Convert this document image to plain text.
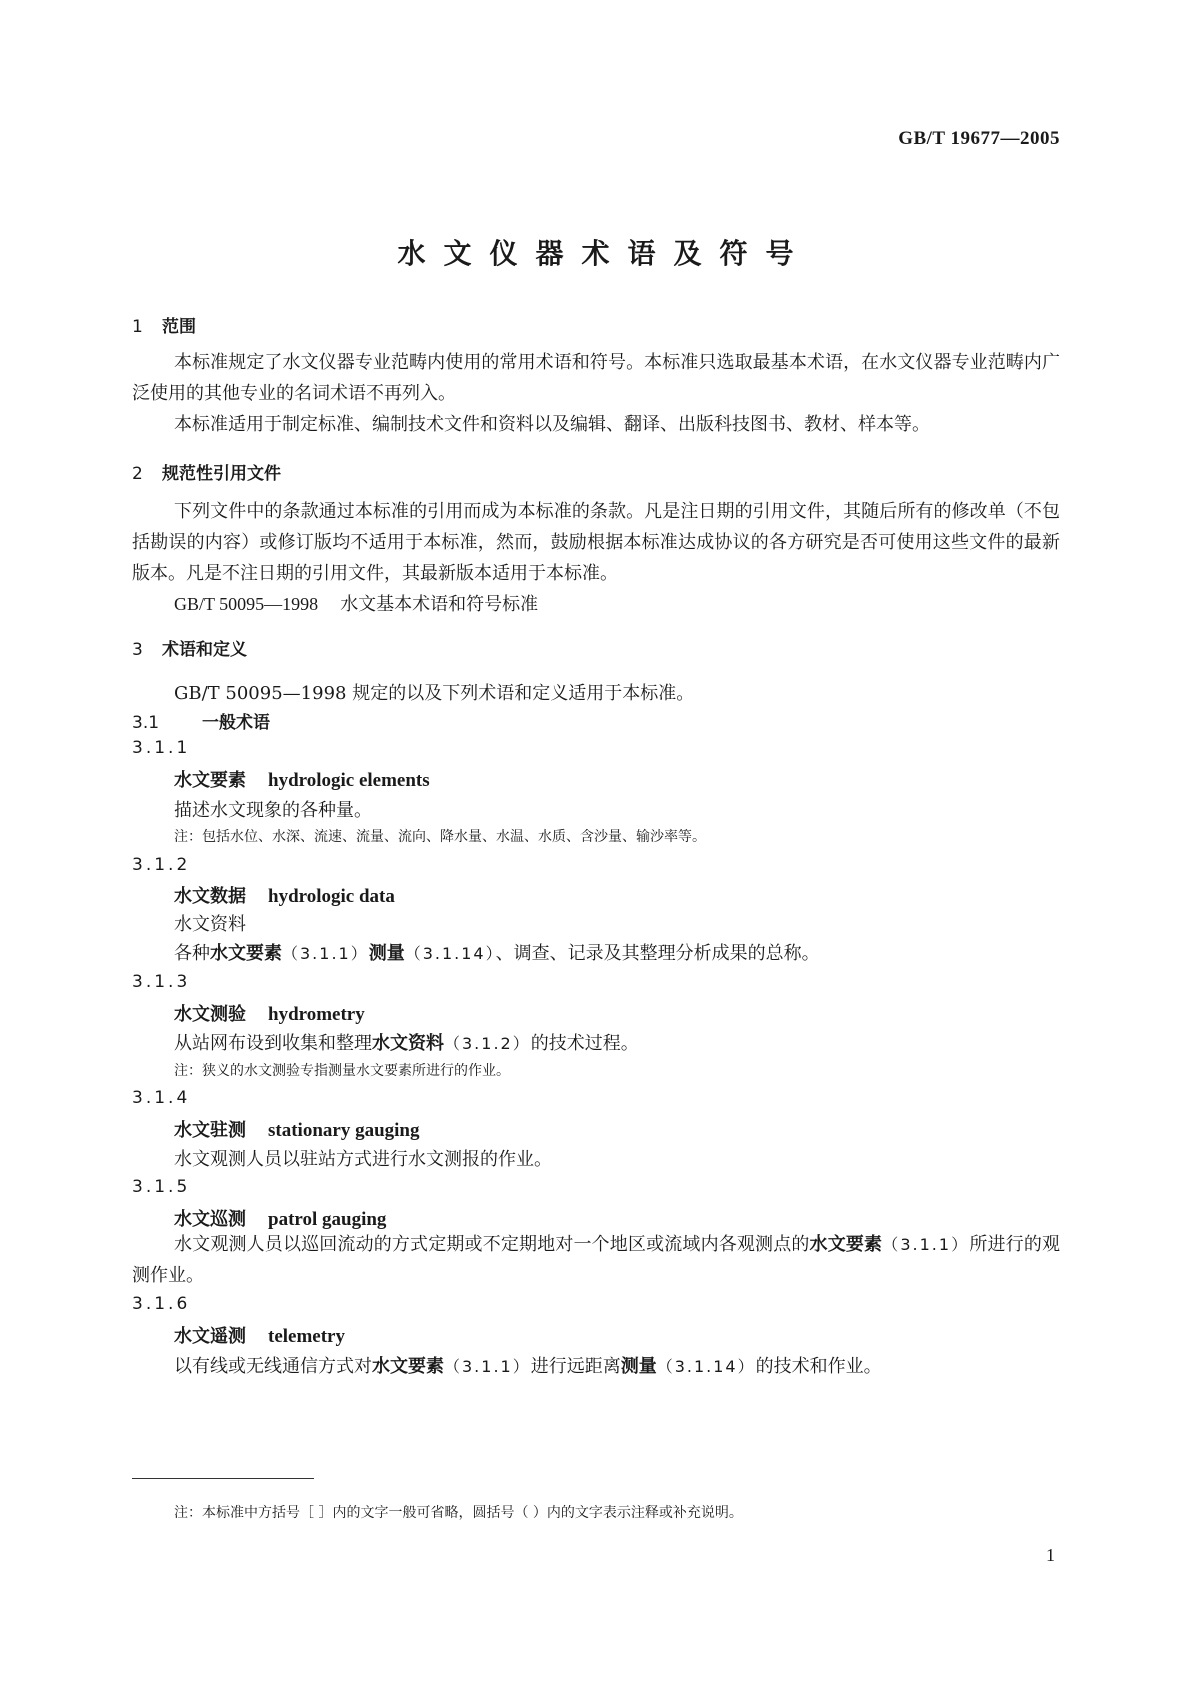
GB/T 19677—2005
水文仪器术语及符号
1 范围

本标准规定了水文仪器专业范畴内使用的常用术语和符号。本标准只选取最基本术语，在水文仪器专业范畴内广泛使用的其他专业的名词术语不再列入。

本标准适用于制定标准、编制技术文件和资料以及编辑、翻译、出版科技图书、教材、样本等。

2 规范性引用文件

下列文件中的条款通过本标准的引用而成为本标准的条款。凡是注日期的引用文件，其随后所有的修改单（不包括勘误的内容）或修订版均不适用于本标准，然而，鼓励根据本标准达成协议的各方研究是否可使用这些文件的最新版本。凡是不注日期的引用文件，其最新版本适用于本标准。

GB/T 50095—1998 水文基本术语和符号标准
3 术语和定义
GB/T 50095—1998 规定的以及下列术语和定义适用于本标准。
3.1	一般术语
3.1.1
水文要素 hydrologic elements
描述水文现象的各种量。
注：包括水位、水深、流速、流量、流向、降水量、水温、水质、含沙量、输沙率等。
3.1.2
水文数据 hydrologic data
水文资料
各种水文要素（3.1.1）测量（3.1.14）、调查、记录及其整理分析成果的总称。
3.1.3
水文测验 hydrometry
从站网布设到收集和整理水文资料（3.1.2）的技术过程。
注：狭义的水文测验专指测量水文要素所进行的作业。
3.1.4
水文驻测 stationary gauging
水文观测人员以驻站方式进行水文测报的作业。
3.1.5
水文巡测 patrol gauging

水文观测人员以巡回流动的方式定期或不定期地对一个地区或流域内各观测点的水文要素（3.1.1）所进行的观测作业。

3.1.6
水文遥测 telemetry
以有线或无线通信方式对水文要素（3.1.1）进行远距离测量（3.1.14）的技术和作业。
注：本标准中方括号［ ］内的文字一般可省略，圆括号（ ）内的文字表示注释或补充说明。
1
